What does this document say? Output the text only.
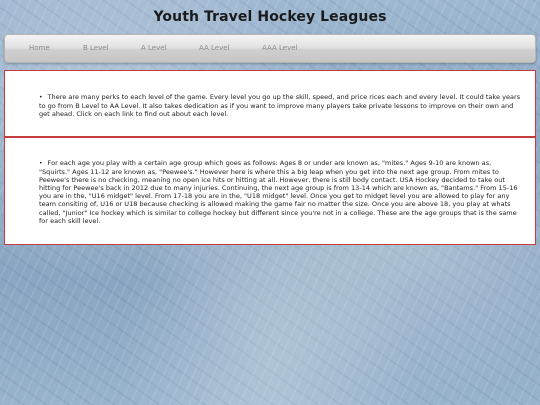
Youth Travel Hockey Leagues
Home	B Level	A Level	AA Level	AAA Level

• There are many perks to each level of the game. Every level you go up the skill, speed, and price rices each and every level. It could take years to go from B Level to AA Level. It also takes dedication as if you want to improve many players take private lessons to improve on their own and get ahead. Click on each link to find out about each level.

• For each age you play with a certain age group which goes as follows: Ages 8 or under are known as, "mites." Ages 9-10 are known as, "Squirts." Ages 11-12 are known as, "Peewee's." However here is where this a big leap when you get into the next age group. From mites to Peewee's there is no checking, meaning no open ice hits or hitting at all. However, there is still body contact. USA Hockey decided to take out hitting for Peewee's back in 2012 due to many injuries. Continuing, the next age group is from 13-14 which are known as, "Bantams." From 15-16 you are in the, "U16 midget" level. From 17-18 you are in the, "U18 midget" level. Once you get to midget level you are allowed to play for any team consiting of, U16 or U18 because checking is allowed making the game fair no matter the size. Once you are above 18, you play at whats called, "Junior" Ice hockey which is similar to college hockey but different since you're not in a college. These are the age groups that is the same for each skill level.
